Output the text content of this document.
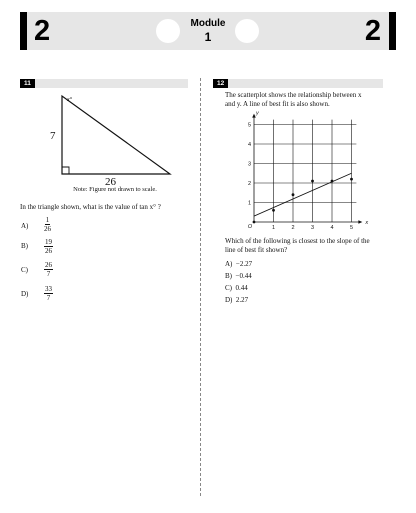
2	Module
1	2
11	12
x°
7
26
Note: Figure not drawn to scale.
In the triangle shown, what is the value of tan x° ?
$A) \frac{1}{26}$
$B) \frac{19}{26}$
$C) \frac{26}{7}$
$D) \frac{33}{7}$
The scatterplot shows the relationship between x
and y. A line of best fit is also shown.
1	2	3	4	5
1
2
3
4
5
O
x
y
Which of the following is closest to the slope of the
line of best fit shown?
A) −2.27
B) −0.44
C) 0.44
D) 2.27
